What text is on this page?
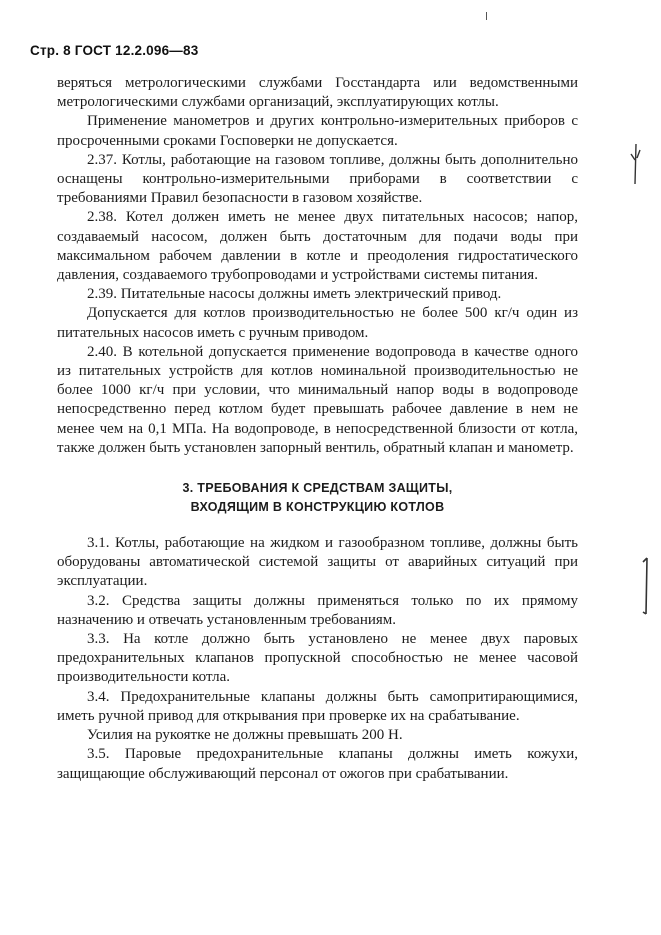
Стр. 8 ГОСТ 12.2.096—83

веряться метрологическими службами Госстандарта или ведомственными метрологическими службами организаций, эксплуатирующих котлы.

Применение манометров и других контрольно-измерительных приборов с просроченными сроками Госповерки не допускается.

2.37. Котлы, работающие на газовом топливе, должны быть дополнительно оснащены контрольно-измерительными приборами в соответствии с требованиями Правил безопасности в газовом хозяйстве.

2.38. Котел должен иметь не менее двух питательных насосов; напор, создаваемый насосом, должен быть достаточным для подачи воды при максимальном рабочем давлении в котле и преодоления гидростатического давления, создаваемого трубопроводами и устройствами системы питания.

2.39. Питательные насосы должны иметь электрический привод.

Допускается для котлов производительностью не более 500 кг/ч один из питательных насосов иметь с ручным приводом.

2.40. В котельной допускается применение водопровода в качестве одного из питательных устройств для котлов номинальной производительностью не более 1000 кг/ч при условии, что минимальный напор воды в водопроводе непосредственно перед котлом будет превышать рабочее давление в нем не менее чем на 0,1 МПа. На водопроводе, в непосредственной близости от котла, также должен быть установлен запорный вентиль, обратный клапан и манометр.

3. ТРЕБОВАНИЯ К СРЕДСТВАМ ЗАЩИТЫ,
ВХОДЯЩИМ В КОНСТРУКЦИЮ КОТЛОВ

3.1. Котлы, работающие на жидком и газообразном топливе, должны быть оборудованы автоматической системой защиты от аварийных ситуаций при эксплуатации.

3.2. Средства защиты должны применяться только по их прямому назначению и отвечать установленным требованиям.

3.3. На котле должно быть установлено не менее двух паровых предохранительных клапанов пропускной способностью не менее часовой производительности котла.

3.4. Предохранительные клапаны должны быть самопритирающимися, иметь ручной привод для открывания при проверке их на срабатывание.

Усилия на рукоятке не должны превышать 200 Н.

3.5. Паровые предохранительные клапаны должны иметь кожухи, защищающие обслуживающий персонал от ожогов при срабатывании.
